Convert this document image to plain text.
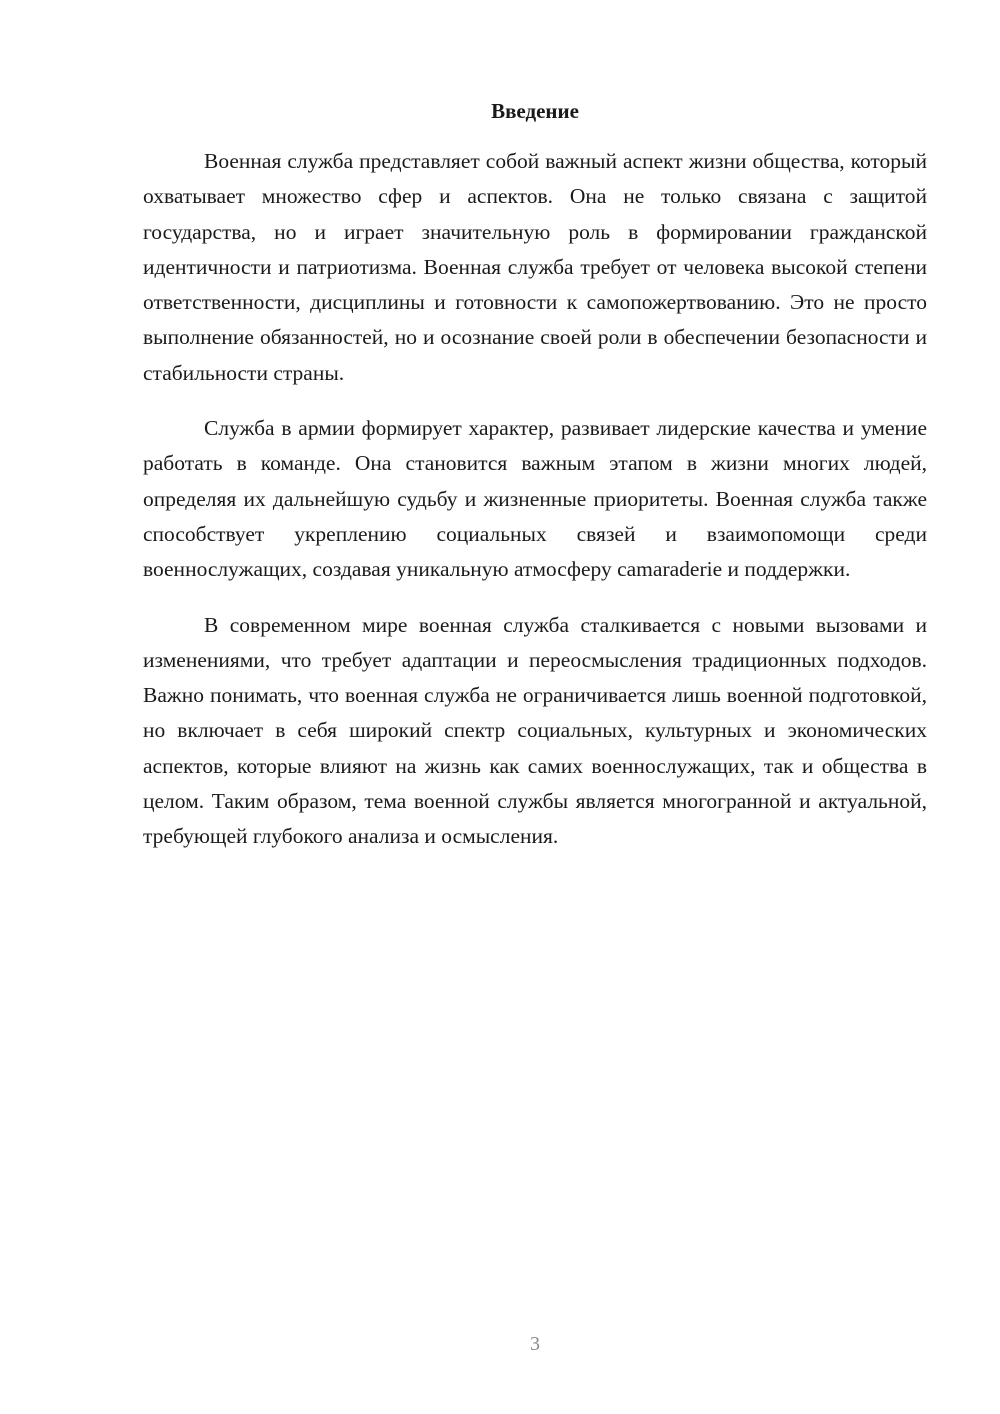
Введение

Военная служба представляет собой важный аспект жизни общества, который охватывает множество сфер и аспектов. Она не только связана с защитой государства, но и играет значительную роль в формировании гражданской идентичности и патриотизма. Военная служба требует от человека высокой степени ответственности, дисциплины и готовности к самопожертвованию. Это не просто выполнение обязанностей, но и осознание своей роли в обеспечении безопасности и стабильности страны.

Служба в армии формирует характер, развивает лидерские качества и умение работать в команде. Она становится важным этапом в жизни многих людей, определяя их дальнейшую судьбу и жизненные приоритеты. Военная служба также способствует укреплению социальных связей и взаимопомощи среди военнослужащих, создавая уникальную атмосферу camaraderie и поддержки.

В современном мире военная служба сталкивается с новыми вызовами и изменениями, что требует адаптации и переосмысления традиционных подходов. Важно понимать, что военная служба не ограничивается лишь военной подготовкой, но включает в себя широкий спектр социальных, культурных и экономических аспектов, которые влияют на жизнь как самих военнослужащих, так и общества в целом. Таким образом, тема военной службы является многогранной и актуальной, требующей глубокого анализа и осмысления.

3
